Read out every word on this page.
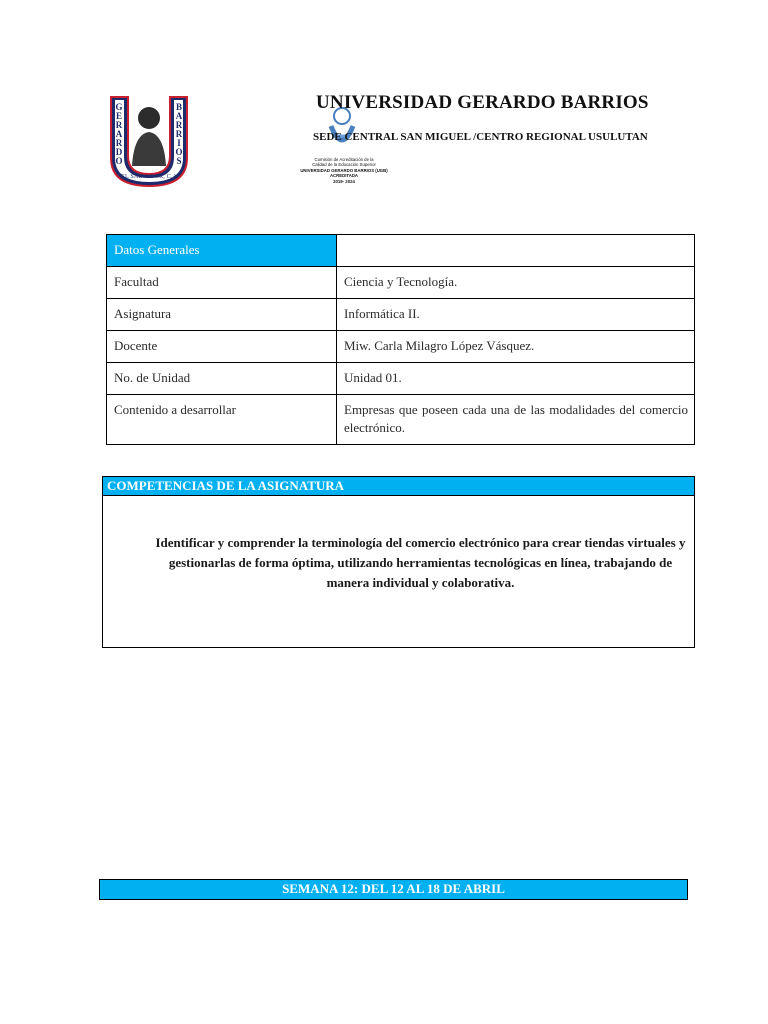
G E R A R D O
B A R R I O S
EL SALVADOR, C.A.
UNIVERSIDAD GERARDO BARRIOS
SEDE CENTRAL SAN MIGUEL /CENTRO REGIONAL USULUTAN
Comisión de Acreditación de la
Calidad de la Educación Superior
UNIVERSIDAD GERARDO BARRIOS (UGB)
ACREDITADA
2019- 2024
Datos Generales	
Facultad	Ciencia y Tecnología.
Asignatura	Informática II.
Docente	Miw. Carla Milagro López Vásquez.
No. de Unidad	Unidad 01.
Contenido a desarrollar	Empresas que poseen cada una de las modalidades del comercio electrónico.
COMPETENCIAS DE LA ASIGNATURA
Identificar y comprender la terminología del comercio electrónico para crear tiendas virtuales y gestionarlas de forma óptima, utilizando herramientas tecnológicas en línea, trabajando de manera individual y colaborativa.
SEMANA 12: DEL 12 AL 18 DE ABRIL
